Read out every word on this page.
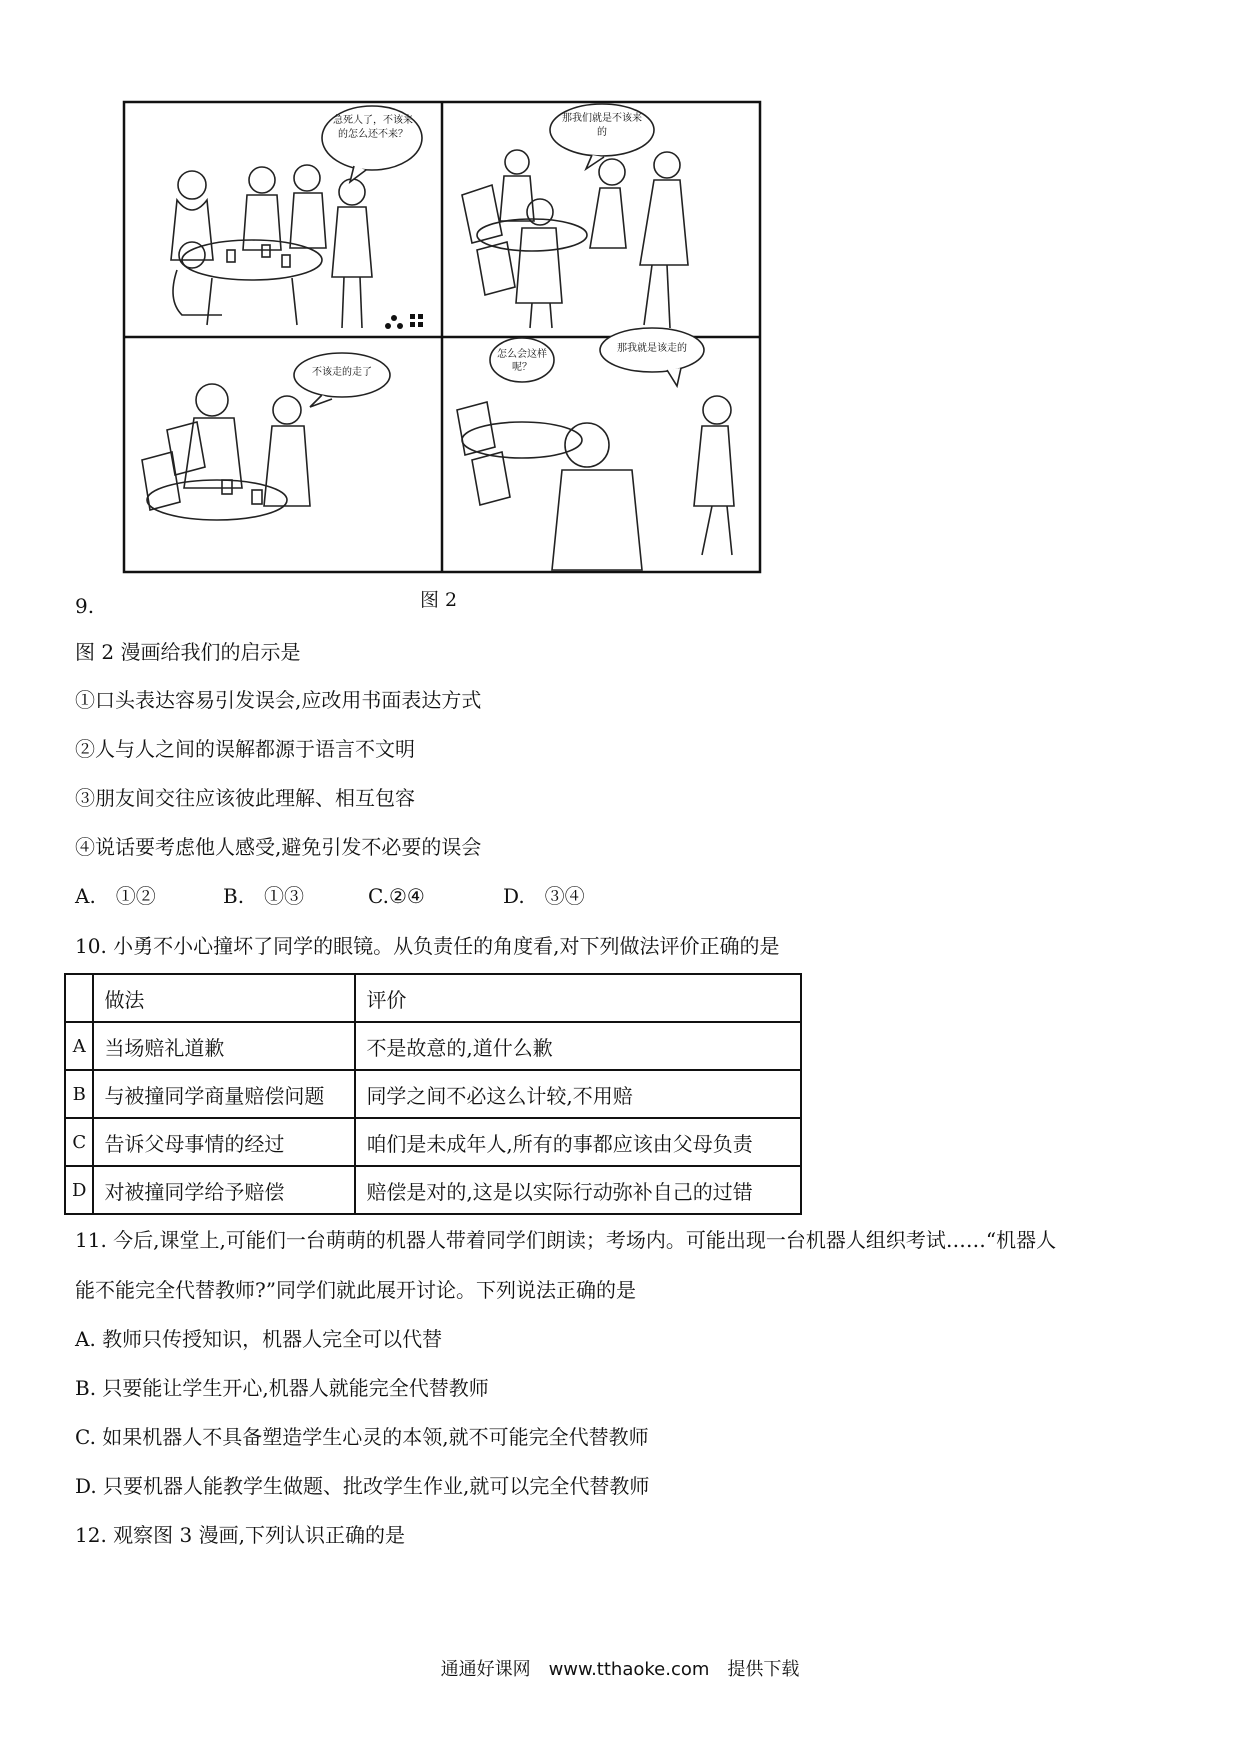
急死人了，不该来的怎么还不来？
那我们就是不该来的
不该走的走了
怎么会这样呢？
那我就是该走的
图 2
9.
图 2 漫画给我们的启示是
①口头表达容易引发误会,应改用书面表达方式
②人与人之间的误解都源于语言不文明
③朋友间交往应该彼此理解、相互包容
④说话要考虑他人感受,避免引发不必要的误会
A.　①②	B.　①③	C.②④	D.　③④
10. 小勇不小心撞坏了同学的眼镜。从负责任的角度看,对下列做法评价正确的是
	做法	评价
A	当场赔礼道歉	不是故意的,道什么歉
B	与被撞同学商量赔偿问题	同学之间不必这么计较,不用赔
C	告诉父母事情的经过	咱们是未成年人,所有的事都应该由父母负责
D	对被撞同学给予赔偿	赔偿是对的,这是以实际行动弥补自己的过错
11. 今后,课堂上,可能们一台萌萌的机器人带着同学们朗读；考场内。可能出现一台机器人组织考试……“机器人
能不能完全代替教师?”同学们就此展开讨论。下列说法正确的是
A. 教师只传授知识，机器人完全可以代替
B. 只要能让学生开心,机器人就能完全代替教师
C. 如果机器人不具备塑造学生心灵的本领,就不可能完全代替教师
D. 只要机器人能教学生做题、批改学生作业,就可以完全代替教师
12. 观察图 3 漫画,下列认识正确的是
通通好课网　www.tthaoke.com　提供下载
